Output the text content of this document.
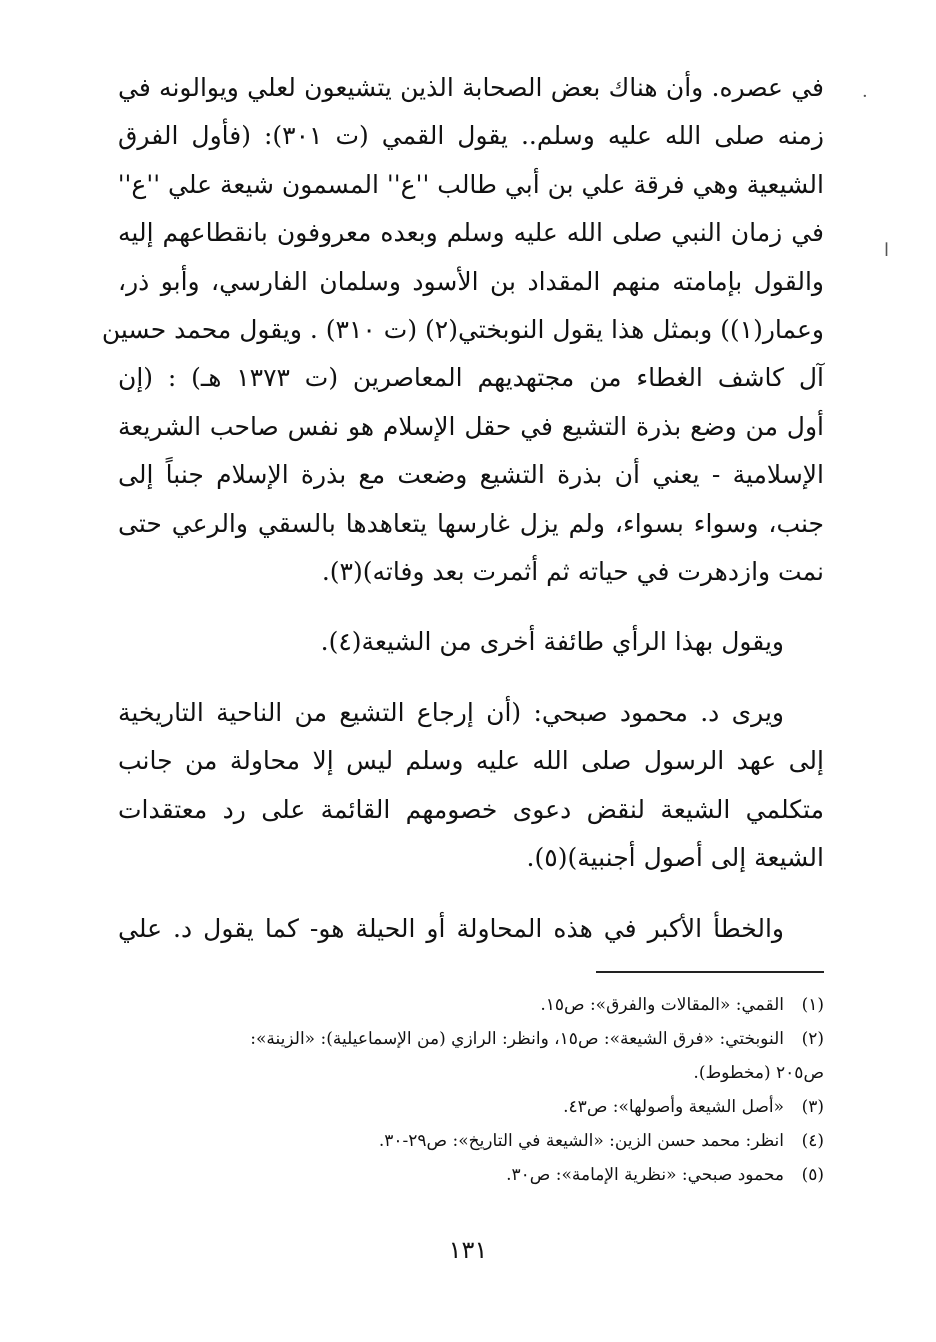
·
ا
في عصره. وأن هناك بعض الصحابة الذين يتشيعون لعلي ويوالونه في
زمنه صلى الله عليه وسلم.. يقول القمي (ت ٣٠١): (فأول الفرق
الشيعية وهي فرقة علي بن أبي طالب ''ع'' المسمون شيعة علي ''ع''
في زمان النبي صلى الله عليه وسلم وبعده معروفون بانقطاعهم إليه
والقول بإمامته منهم المقداد بن الأسود وسلمان الفارسي، وأبو ذر،
وعمار(١)) وبمثل هذا يقول النوبختي(٢) (ت ٣١٠) . ويقول محمد حسين
آل كاشف الغطاء من مجتهديهم المعاصرين (ت ١٣٧٣ هـ) : (إن
أول من وضع بذرة التشيع في حقل الإسلام هو نفس صاحب الشريعة
الإسلامية - يعني أن بذرة التشيع وضعت مع بذرة الإسلام جنباً إلى
جنب، وسواء بسواء، ولم يزل غارسها يتعاهدها بالسقي والرعي حتى
نمت وازدهرت في حياته ثم أثمرت بعد وفاته)(٣).
ويقول بهذا الرأي طائفة أخرى من الشيعة(٤).
ويرى د. محمود صبحي: (أن إرجاع التشيع من الناحية التاريخية
إلى عهد الرسول صلى الله عليه وسلم ليس إلا محاولة من جانب
متكلمي الشيعة لنقض دعوى خصومهم القائمة على رد معتقدات
الشيعة إلى أصول أجنبية)(٥).
والخطأ الأكبر في هذه المحاولة أو الحيلة هو- كما يقول د. علي
(١)
القمي: «المقالات والفرق»: ص١٥.
(٢)
النوبختي: «فرق الشيعة»: ص١٥، وانظر: الرازي (من الإسماعيلية): «الزينة»:
ص٢٠٥ (مخطوط).
(٣)
«أصل الشيعة وأصولها»: ص٤٣.
(٤)
انظر: محمد حسن الزين: «الشيعة في التاريخ»: ص٢٩-٣٠.
(٥)
محمود صبحي: «نظرية الإمامة»: ص٣٠.
١٣١
